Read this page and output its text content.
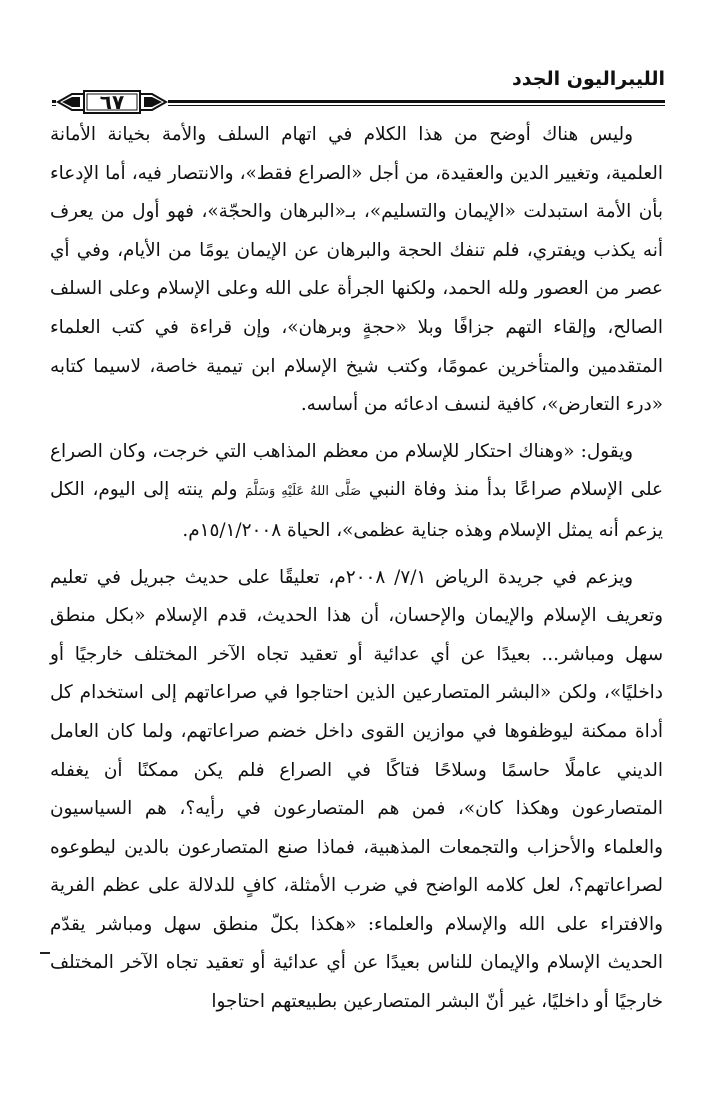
الليبراليون الجدد
٦٧

وليس هناك أوضح من هذا الكلام في اتهام السلف والأمة بخيانة الأمانة العلمية، وتغيير الدين والعقيدة، من أجل «الصراع فقط»، والانتصار فيه، أما الإدعاء بأن الأمة استبدلت «الإيمان والتسليم»، بـ«البرهان والحجّة»، فهو أول من يعرف أنه يكذب ويفتري، فلم تنفك الحجة والبرهان عن الإيمان يومًا من الأيام، وفي أي عصر من العصور ولله الحمد، ولكنها الجرأة على الله وعلى الإسلام وعلى السلف الصالح، وإلقاء التهم جزافًا وبلا «حجةٍ وبرهان»، وإن قراءة في كتب العلماء المتقدمين والمتأخرين عمومًا، وكتب شيخ الإسلام ابن تيمية خاصة، لاسيما كتابه «درء التعارض»، كافية لنسف ادعائه من أساسه.

ويقول: «وهناك احتكار للإسلام من معظم المذاهب التي خرجت، وكان الصراع على الإسلام صراعًا بدأ منذ وفاة النبي صَلَّى اللهُ عَلَيْهِ وَسَلَّمَ ولم ينته إلى اليوم، الكل يزعم أنه يمثل الإسلام وهذه جناية عظمى»، الحياة ١٥/١/٢٠٠٨م.

ويزعم في جريدة الرياض ٧/١/ ٢٠٠٨م، تعليقًا على حديث جبريل في تعليم وتعريف الإسلام والإيمان والإحسان، أن هذا الحديث، قدم الإسلام «بكل منطق سهل ومباشر... بعيدًا عن أي عدائية أو تعقيد تجاه الآخر المختلف خارجيًا أو داخليًا»، ولكن «البشر المتصارعين الذين احتاجوا في صراعاتهم إلى استخدام كل أداة ممكنة ليوظفوها في موازين القوى داخل خضم صراعاتهم، ولما كان العامل الديني عاملًا حاسمًا وسلاحًا فتاكًا في الصراع فلم يكن ممكنًا أن يغفله المتصارعون وهكذا كان»، فمن هم المتصارعون في رأيه؟، هم السياسيون والعلماء والأحزاب والتجمعات المذهبية، فماذا صنع المتصارعون بالدين ليطوعوه لصراعاتهم؟، لعل كلامه الواضح في ضرب الأمثلة، كافٍ للدلالة على عظم الفرية والافتراء على الله والإسلام والعلماء: «هكذا بكلّ منطق سهل ومباشر يقدّم الحديث الإسلام والإيمان للناس بعيدًا عن أي عدائية أو تعقيد تجاه الآخر المختلف خارجيًا أو داخليًا، غير أنّ البشر المتصارعين بطبيعتهم احتاجوا
